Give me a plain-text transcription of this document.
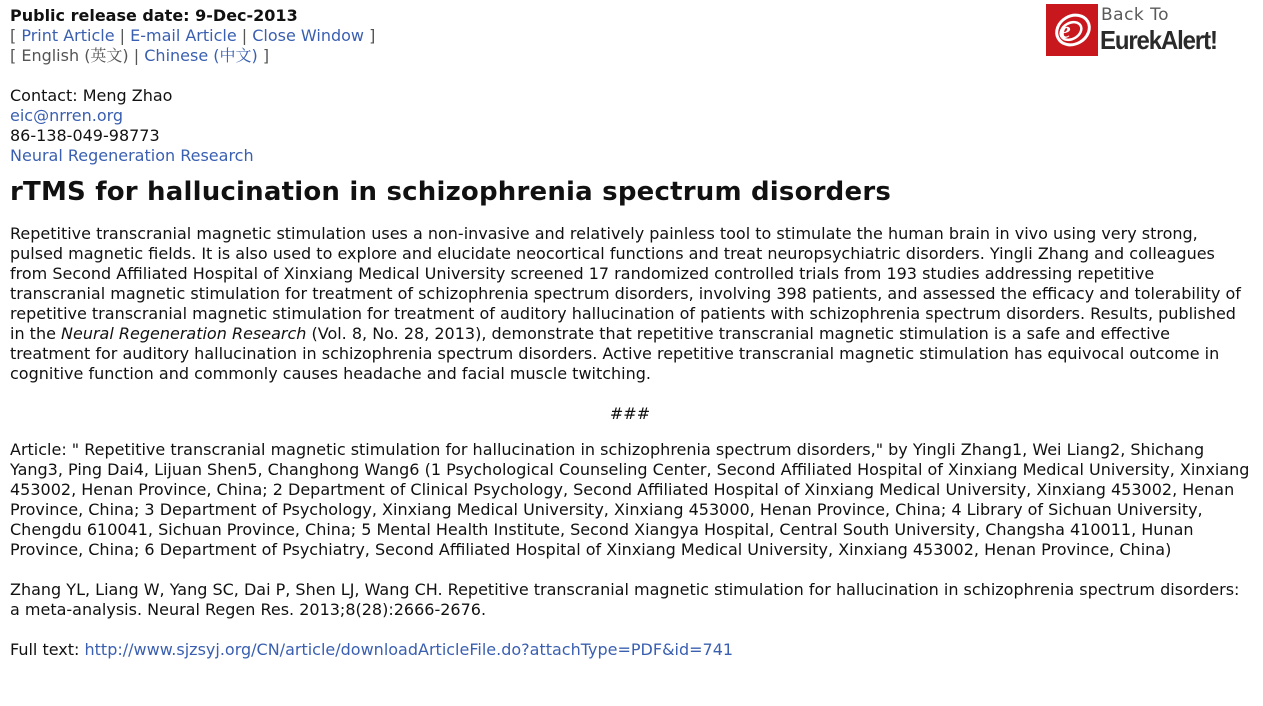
e
Back To
EurekAlert!
Public release date: 9-Dec-2013
[ Print Article | E-mail Article | Close Window ]
[ English (英文) | Chinese (中文) ]
Contact: Meng Zhao
eic@nrren.org
86-138-049-98773
Neural Regeneration Research
rTMS for hallucination in schizophrenia spectrum disorders

Repetitive transcranial magnetic stimulation uses a non-invasive and relatively painless tool to stimulate the human brain in vivo using very strong, pulsed magnetic fields. It is also used to explore and elucidate neocortical functions and treat neuropsychiatric disorders. Yingli Zhang and colleagues from Second Affiliated Hospital of Xinxiang Medical University screened 17 randomized controlled trials from 193 studies addressing repetitive transcranial magnetic stimulation for treatment of schizophrenia spectrum disorders, involving 398 patients, and assessed the efficacy and tolerability of repetitive transcranial magnetic stimulation for treatment of auditory hallucination of patients with schizophrenia spectrum disorders. Results, published in the Neural Regeneration Research (Vol. 8, No. 28, 2013), demonstrate that repetitive transcranial magnetic stimulation is a safe and effective treatment for auditory hallucination in schizophrenia spectrum disorders. Active repetitive transcranial magnetic stimulation has equivocal outcome in cognitive function and commonly causes headache and facial muscle twitching.

###

Article: " Repetitive transcranial magnetic stimulation for hallucination in schizophrenia spectrum disorders," by Yingli Zhang1, Wei Liang2, Shichang Yang3, Ping Dai4, Lijuan Shen5, Changhong Wang6 (1 Psychological Counseling Center, Second Affiliated Hospital of Xinxiang Medical University, Xinxiang 453002, Henan Province, China; 2 Department of Clinical Psychology, Second Affiliated Hospital of Xinxiang Medical University, Xinxiang 453002, Henan Province, China; 3 Department of Psychology, Xinxiang Medical University, Xinxiang 453000, Henan Province, China; 4 Library of Sichuan University, Chengdu 610041, Sichuan Province, China; 5 Mental Health Institute, Second Xiangya Hospital, Central South University, Changsha 410011, Hunan Province, China; 6 Department of Psychiatry, Second Affiliated Hospital of Xinxiang Medical University, Xinxiang 453002, Henan Province, China)

Zhang YL, Liang W, Yang SC, Dai P, Shen LJ, Wang CH. Repetitive transcranial magnetic stimulation for hallucination in schizophrenia spectrum disorders: a meta-analysis. Neural Regen Res. 2013;8(28):2666-2676.

Full text: http://www.sjzsyj.org/CN/article/downloadArticleFile.do?attachType=PDF&id=741
